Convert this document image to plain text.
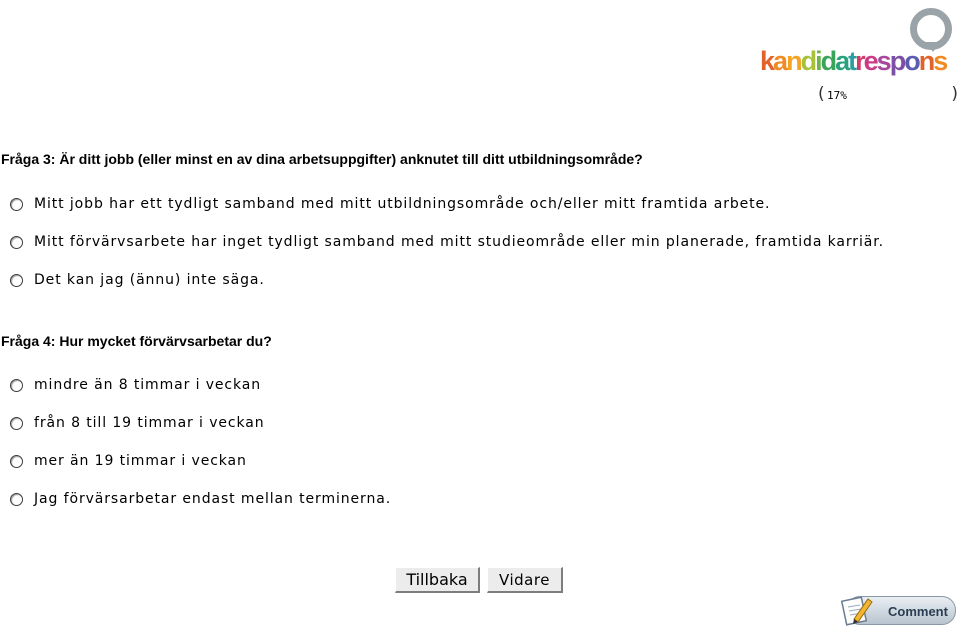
kandidatrespons
( 17%	)
Fråga 3: Är ditt jobb (eller minst en av dina arbetsuppgifter) anknutet till ditt utbildningsområde?
Mitt jobb har ett tydligt samband med mitt utbildningsområde och/eller mitt framtida arbete.
Mitt förvärvsarbete har inget tydligt samband med mitt studieområde eller min planerade, framtida karriär.
Det kan jag (ännu) inte säga.
Fråga 4: Hur mycket förvärvsarbetar du?
mindre än 8 timmar i veckan
från 8 till 19 timmar i veckan
mer än 19 timmar i veckan
Jag förvärsarbetar endast mellan terminerna.
Tillbaka	Vidare
Comment
